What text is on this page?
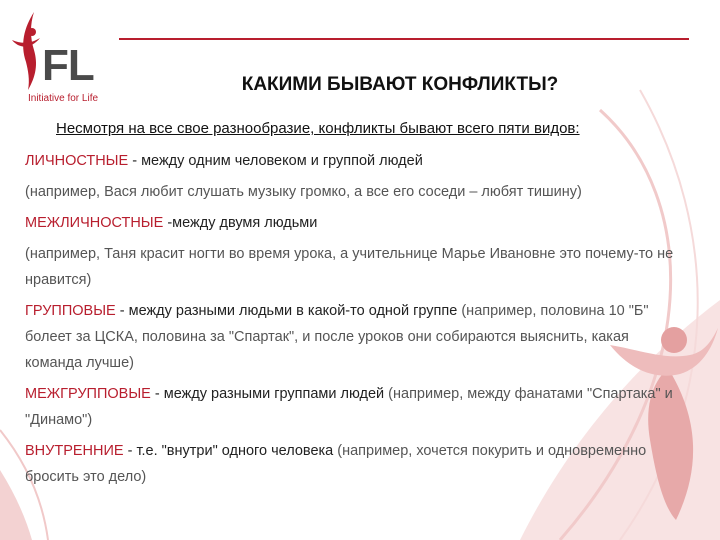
FL
Initiative for Life
КАКИМИ БЫВАЮТ КОНФЛИКТЫ?
Несмотря на все свое разнообразие, конфликты бывают всего пяти видов:

ЛИЧНОСТНЫЕ - между одним человеком и группой людей

(например, Вася любит слушать музыку громко, а все его соседи – любят тишину)

МЕЖЛИЧНОСТНЫЕ -между двумя людьми

(например, Таня красит ногти во время урока, а учительнице Марье Ивановне это почему-то не нравится)

ГРУППОВЫЕ - между разными людьми в какой-то одной группе (например, половина 10 "Б" болеет за ЦСКА, половина за "Спартак", и после уроков они собираются выяснить, какая команда лучше)

МЕЖГРУППОВЫЕ - между разными группами людей (например, между фанатами "Спартака" и "Динамо")

ВНУТРЕННИЕ - т.е. "внутри" одного человека (например, хочется покурить и одновременно бросить это дело)
